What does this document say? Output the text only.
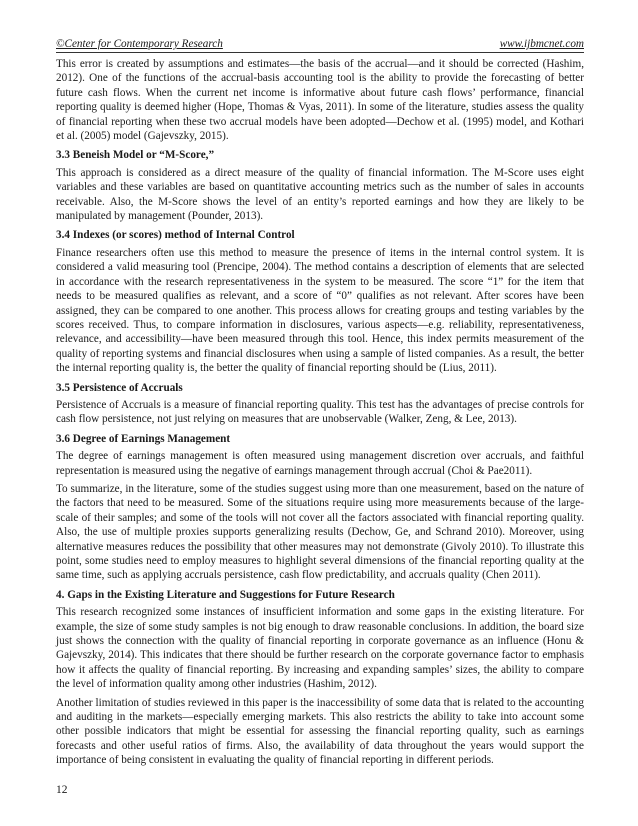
©Center for Contemporary Research	www.ijbmcnet.com

This error is created by assumptions and estimates—the basis of the accrual—and it should be corrected (Hashim, 2012). One of the functions of the accrual-basis accounting tool is the ability to provide the forecasting of better future cash flows. When the current net income is informative about future cash flows’ performance, financial reporting quality is deemed higher (Hope, Thomas & Vyas, 2011). In some of the literature, studies assess the quality of financial reporting when these two accrual models have been adopted—Dechow et al. (1995) model, and Kothari et al. (2005) model (Gajevszky, 2015).

3.3 Beneish Model or “M-Score,”

This approach is considered as a direct measure of the quality of financial information. The M-Score uses eight variables and these variables are based on quantitative accounting metrics such as the number of sales in accounts receivable. Also, the M-Score shows the level of an entity’s reported earnings and how they are likely to be manipulated by management (Pounder, 2013).

3.4 Indexes (or scores) method of Internal Control

Finance researchers often use this method to measure the presence of items in the internal control system. It is considered a valid measuring tool (Prencipe, 2004). The method contains a description of elements that are selected in accordance with the research representativeness in the system to be measured. The score “1” for the item that needs to be measured qualifies as relevant, and a score of “0” qualifies as not relevant. After scores have been assigned, they can be compared to one another. This process allows for creating groups and testing variables by the scores received. Thus, to compare information in disclosures, various aspects—e.g. reliability, representativeness, relevance, and accessibility—have been measured through this tool. Hence, this index permits measurement of the quality of reporting systems and financial disclosures when using a sample of listed companies. As a result, the better the internal reporting quality is, the better the quality of financial reporting should be (Lius, 2011).

3.5 Persistence of Accruals

Persistence of Accruals is a measure of financial reporting quality. This test has the advantages of precise controls for cash flow persistence, not just relying on measures that are unobservable (Walker, Zeng, & Lee, 2013).

3.6 Degree of Earnings Management

The degree of earnings management is often measured using management discretion over accruals, and faithful representation is measured using the negative of earnings management through accrual (Choi & Pae2011).

To summarize, in the literature, some of the studies suggest using more than one measurement, based on the nature of the factors that need to be measured. Some of the situations require using more measurements because of the large-scale of their samples; and some of the tools will not cover all the factors associated with financial reporting quality. Also, the use of multiple proxies supports generalizing results (Dechow, Ge, and Schrand 2010). Moreover, using alternative measures reduces the possibility that other measures may not demonstrate (Givoly 2010). To illustrate this point, some studies need to employ measures to highlight several dimensions of the financial reporting quality at the same time, such as applying accruals persistence, cash flow predictability, and accruals quality (Chen 2011).

4. Gaps in the Existing Literature and Suggestions for Future Research

This research recognized some instances of insufficient information and some gaps in the existing literature. For example, the size of some study samples is not big enough to draw reasonable conclusions. In addition, the board size just shows the connection with the quality of financial reporting in corporate governance as an influence (Honu & Gajevszky, 2014). This indicates that there should be further research on the corporate governance factor to emphasis how it affects the quality of financial reporting. By increasing and expanding samples’ sizes, the ability to compare the level of information quality among other industries (Hashim, 2012).

Another limitation of studies reviewed in this paper is the inaccessibility of some data that is related to the accounting and auditing in the markets—especially emerging markets. This also restricts the ability to take into account some other possible indicators that might be essential for assessing the financial reporting quality, such as earnings forecasts and other useful ratios of firms. Also, the availability of data throughout the years would support the importance of being consistent in evaluating the quality of financial reporting in different periods.

12
